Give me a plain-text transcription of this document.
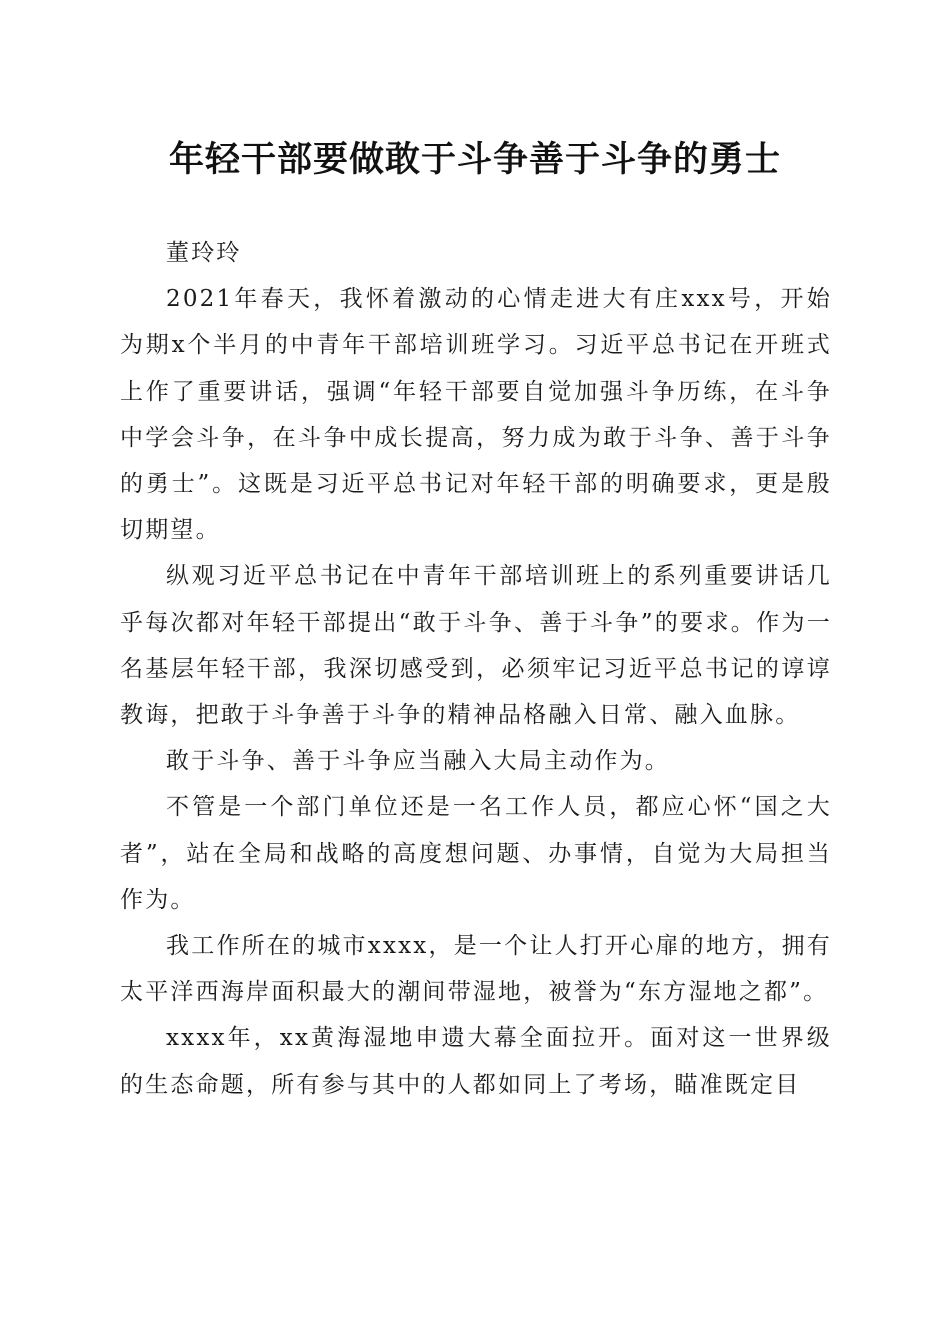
年轻干部要做敢于斗争善于斗争的勇士

董玲玲

2021年春天，我怀着激动的心情走进大有庄xxx号，开始为期x个半月的中青年干部培训班学习。习近平总书记在开班式上作了重要讲话，强调“年轻干部要自觉加强斗争历练，在斗争中学会斗争，在斗争中成长提高，努力成为敢于斗争、善于斗争的勇士”。这既是习近平总书记对年轻干部的明确要求，更是殷切期望。

纵观习近平总书记在中青年干部培训班上的系列重要讲话几乎每次都对年轻干部提出“敢于斗争、善于斗争”的要求。作为一名基层年轻干部，我深切感受到，必须牢记习近平总书记的谆谆教诲，把敢于斗争善于斗争的精神品格融入日常、融入血脉。

敢于斗争、善于斗争应当融入大局主动作为。

不管是一个部门单位还是一名工作人员，都应心怀“国之大者”，站在全局和战略的高度想问题、办事情，自觉为大局担当作为。

我工作所在的城市xxxx，是一个让人打开心扉的地方，拥有太平洋西海岸面积最大的潮间带湿地，被誉为“东方湿地之都”。

xxxx年，xx黄海湿地申遗大幕全面拉开。面对这一世界级的生态命题，所有参与其中的人都如同上了考场，瞄准既定目
